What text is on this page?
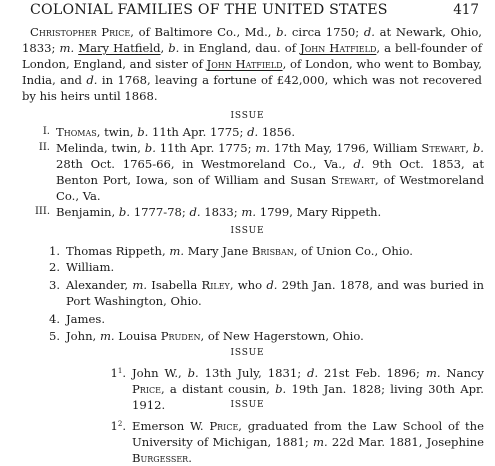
COLONIAL FAMILIES OF THE UNITED STATES	417
Christopher Price, of Baltimore Co., Md., b. circa 1750; d. at Newark, Ohio, 1833; m. Mary Hatfield, b. in England, dau. of John Hatfield, a bell-founder of London, England, and sister of John Hatfield, of London, who went to Bombay, India, and d. in 1768, leaving a fortune of £42,000, which was not recovered by his heirs until 1868.
ISSUE
I. Thomas, twin, b. 11th Apr. 1775; d. 1856.
II. Melinda, twin, b. 11th Apr. 1775; m. 17th May, 1796, William Stewart, b. 28th Oct. 1765-66, in Westmoreland Co., Va., d. 9th Oct. 1853, at Benton Port, Iowa, son of William and Susan Stewart, of Westmoreland Co., Va.
III. Benjamin, b. 1777-78; d. 1833; m. 1799, Mary Rippeth.
ISSUE
1. Thomas Rippeth, m. Mary Jane Brisban, of Union Co., Ohio.
2. William.
3. Alexander, m. Isabella Riley, who d. 29th Jan. 1878, and was buried in Port Washington, Ohio.
4. James.
5. John, m. Louisa Pruden, of New Hagerstown, Ohio.
ISSUE
$1^1$. John W., b. 13th July, 1831; d. 21st Feb. 1896; m. Nancy Price, a distant cousin, b. 19th Jan. 1828; living 30th Apr. 1912.	ISSUE
$1^2$. Emerson W. Price, graduated from the Law School of the University of Michigan, 1881; m. 22d Mar. 1881, Josephine Burgesser.
